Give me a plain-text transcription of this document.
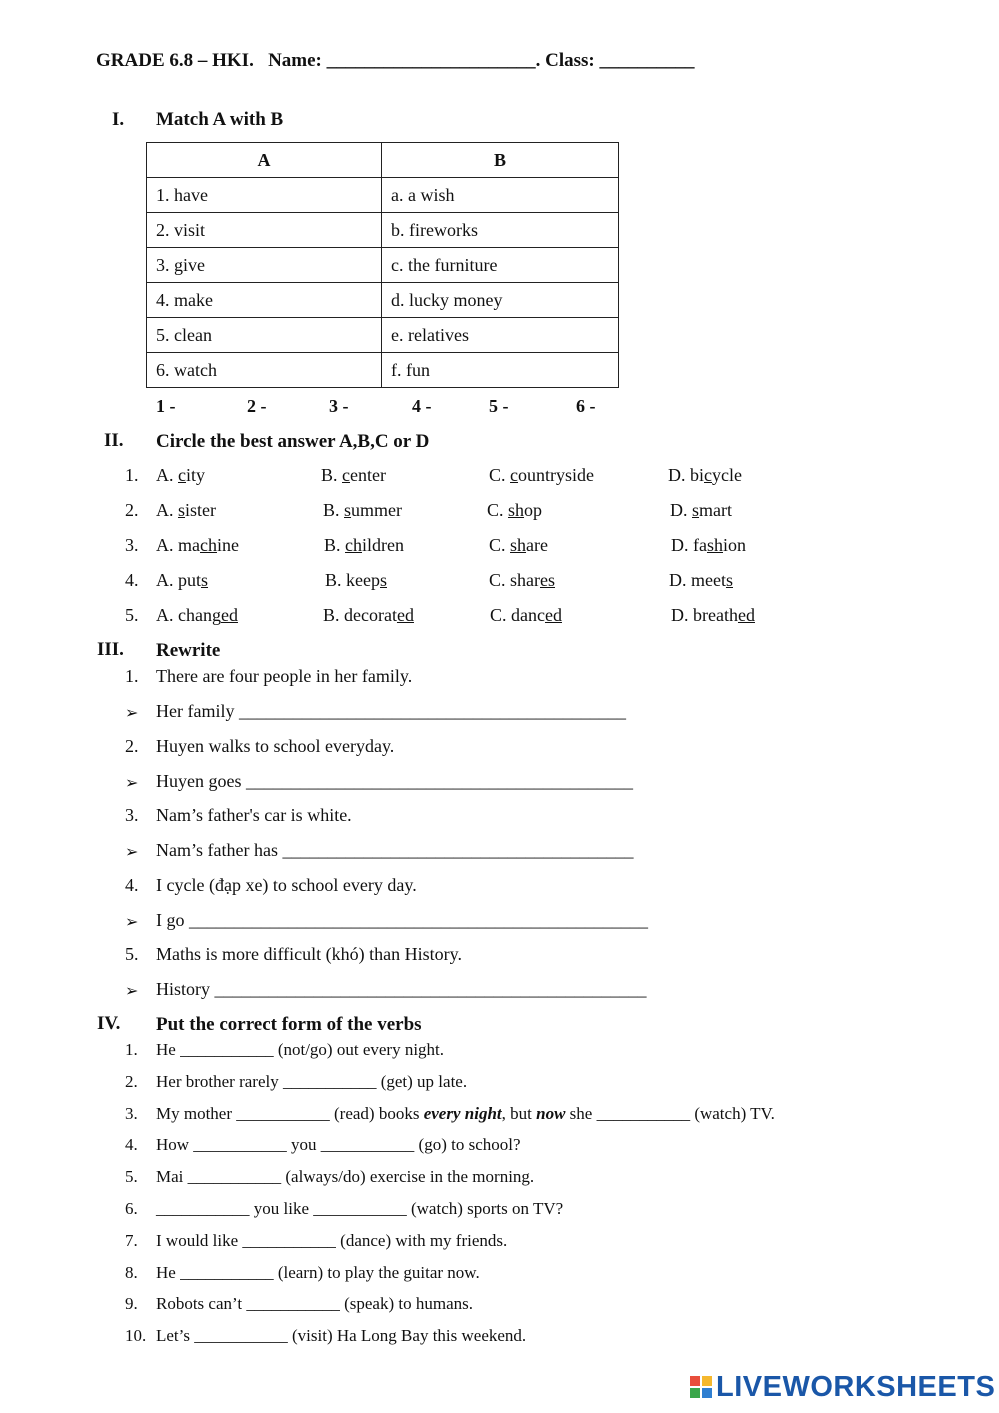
GRADE 6.8 – HKI. Name: ______________________. Class: __________
I. Match A with B
A	B
1. have	a. a wish
2. visit	b. fireworks
3. give	c. the furniture
4. make	d. lucky money
5. clean	e. relatives
6. watch	f. fun
1 -	2 -	3 -	4 -	5 -	6 -
II. Circle the best answer A,B,C or D
1. A. city	B. center	C. countryside	D. bicycle
2. A. sister	B. summer	C. shop	D. smart
3. A. machine	B. children	C. share	D. fashion
4. A. puts	B. keeps	C. shares	D. meets
5. A. changed	B. decorated	C. danced	D. breathed
III. Rewrite
1. There are four people in her family.
➢ Her family ___________________________________________
2. Huyen walks to school everyday.
➢ Huyen goes ___________________________________________
3. Nam’s father's car is white.
➢ Nam’s father has _______________________________________
4. I cycle (đạp xe) to school every day.
➢ I go ___________________________________________________
5. Maths is more difficult (khó) than History.
➢ History ________________________________________________
IV. Put the correct form of the verbs
1. He ___________ (not/go) out every night.
2. Her brother rarely ___________ (get) up late.
3. My mother ___________ (read) books every night, but now she ___________ (watch) TV.
4. How ___________ you ___________ (go) to school?
5. Mai ___________ (always/do) exercise in the morning.
6. ___________ you like ___________ (watch) sports on TV?
7. I would like ___________ (dance) with my friends.
8. He ___________ (learn) to play the guitar now.
9. Robots can’t ___________ (speak) to humans.
10. Let’s ___________ (visit) Ha Long Bay this weekend.
LIVEWORKSHEETS
